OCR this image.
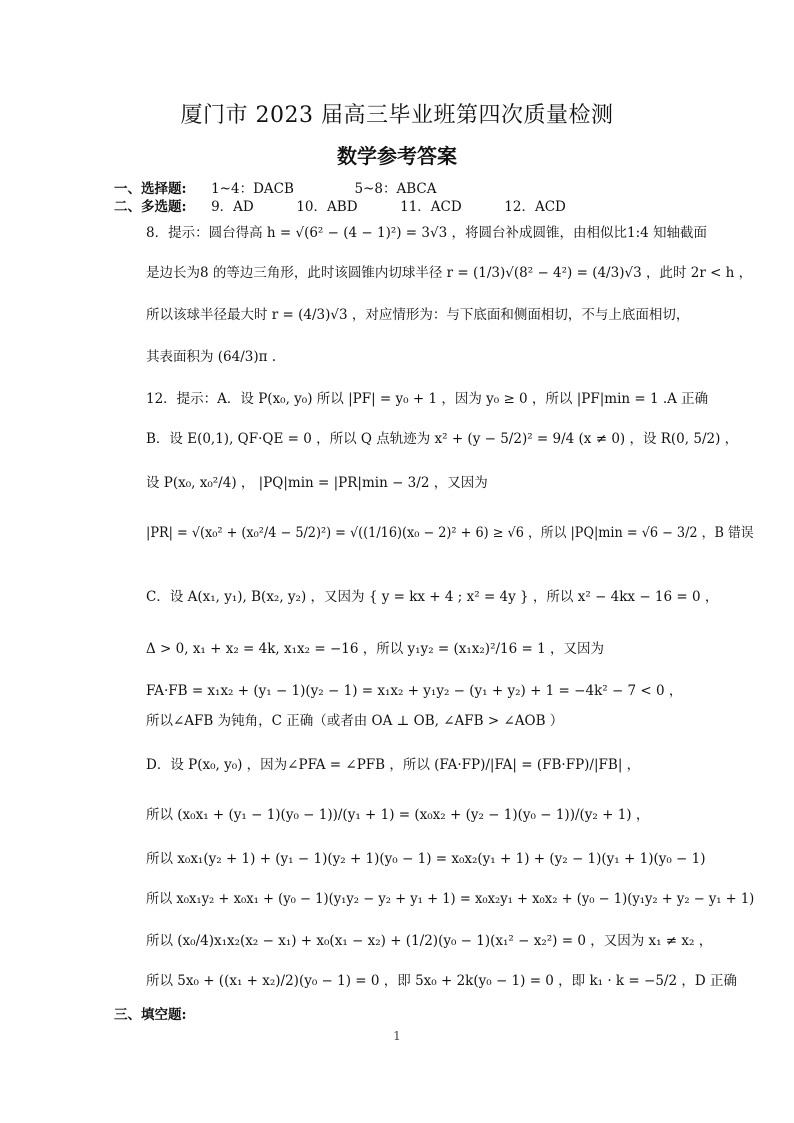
厦门市 2023 届高三毕业班第四次质量检测
数学参考答案
一、选择题: 1~4：DACB	5~8：ABCA
二、多选题: 9．AD	10．ABD	11．ACD	12．ACD
8．提示：圆台得高 h = √(6² − (4 − 1)²) = 3√3 ，将圆台补成圆锥，由相似比1:4 知轴截面
是边长为8 的等边三角形，此时该圆锥内切球半径 r = (1/3)√(8² − 4²) = (4/3)√3 ，此时 2r < h ，
所以该球半径最大时 r = (4/3)√3 ，对应情形为：与下底面和侧面相切，不与上底面相切，
其表面积为 (64/3)π .
12．提示：A．设 P(x₀, y₀) 所以 |PF| = y₀ + 1 ，因为 y₀ ≥ 0 ，所以 |PF|min = 1 .A 正确
B．设 E(0,1), QF·QE = 0 ，所以 Q 点轨迹为 x² + (y − 5/2)² = 9/4 (x ≠ 0) ，设 R(0, 5/2) ，
设 P(x₀, x₀²/4) ， |PQ|min = |PR|min − 3/2 ，又因为
|PR| = √(x₀² + (x₀²/4 − 5/2)²) = √((1/16)(x₀ − 2)² + 6) ≥ √6 ，所以 |PQ|min = √6 − 3/2 ，B 错误
C．设 A(x₁, y₁), B(x₂, y₂) ，又因为 { y = kx + 4 ; x² = 4y } ，所以 x² − 4kx − 16 = 0 ，
Δ > 0, x₁ + x₂ = 4k, x₁x₂ = −16 ，所以 y₁y₂ = (x₁x₂)²/16 = 1 ，又因为
FA·FB = x₁x₂ + (y₁ − 1)(y₂ − 1) = x₁x₂ + y₁y₂ − (y₁ + y₂) + 1 = −4k² − 7 < 0 ，
所以∠AFB 为钝角，C 正确（或者由 OA ⊥ OB, ∠AFB > ∠AOB ）
D．设 P(x₀, y₀) ，因为∠PFA = ∠PFB ，所以 (FA·FP)/|FA| = (FB·FP)/|FB| ，
所以 (x₀x₁ + (y₁ − 1)(y₀ − 1))/(y₁ + 1) = (x₀x₂ + (y₂ − 1)(y₀ − 1))/(y₂ + 1) ，
所以 x₀x₁(y₂ + 1) + (y₁ − 1)(y₂ + 1)(y₀ − 1) = x₀x₂(y₁ + 1) + (y₂ − 1)(y₁ + 1)(y₀ − 1)
所以 x₀x₁y₂ + x₀x₁ + (y₀ − 1)(y₁y₂ − y₂ + y₁ + 1) = x₀x₂y₁ + x₀x₂ + (y₀ − 1)(y₁y₂ + y₂ − y₁ + 1)
所以 (x₀/4)x₁x₂(x₂ − x₁) + x₀(x₁ − x₂) + (1/2)(y₀ − 1)(x₁² − x₂²) = 0 ，又因为 x₁ ≠ x₂ ，
所以 5x₀ + ((x₁ + x₂)/2)(y₀ − 1) = 0 ，即 5x₀ + 2k(y₀ − 1) = 0 ，即 k₁ · k = −5/2 ，D 正确
三、填空题:
1
